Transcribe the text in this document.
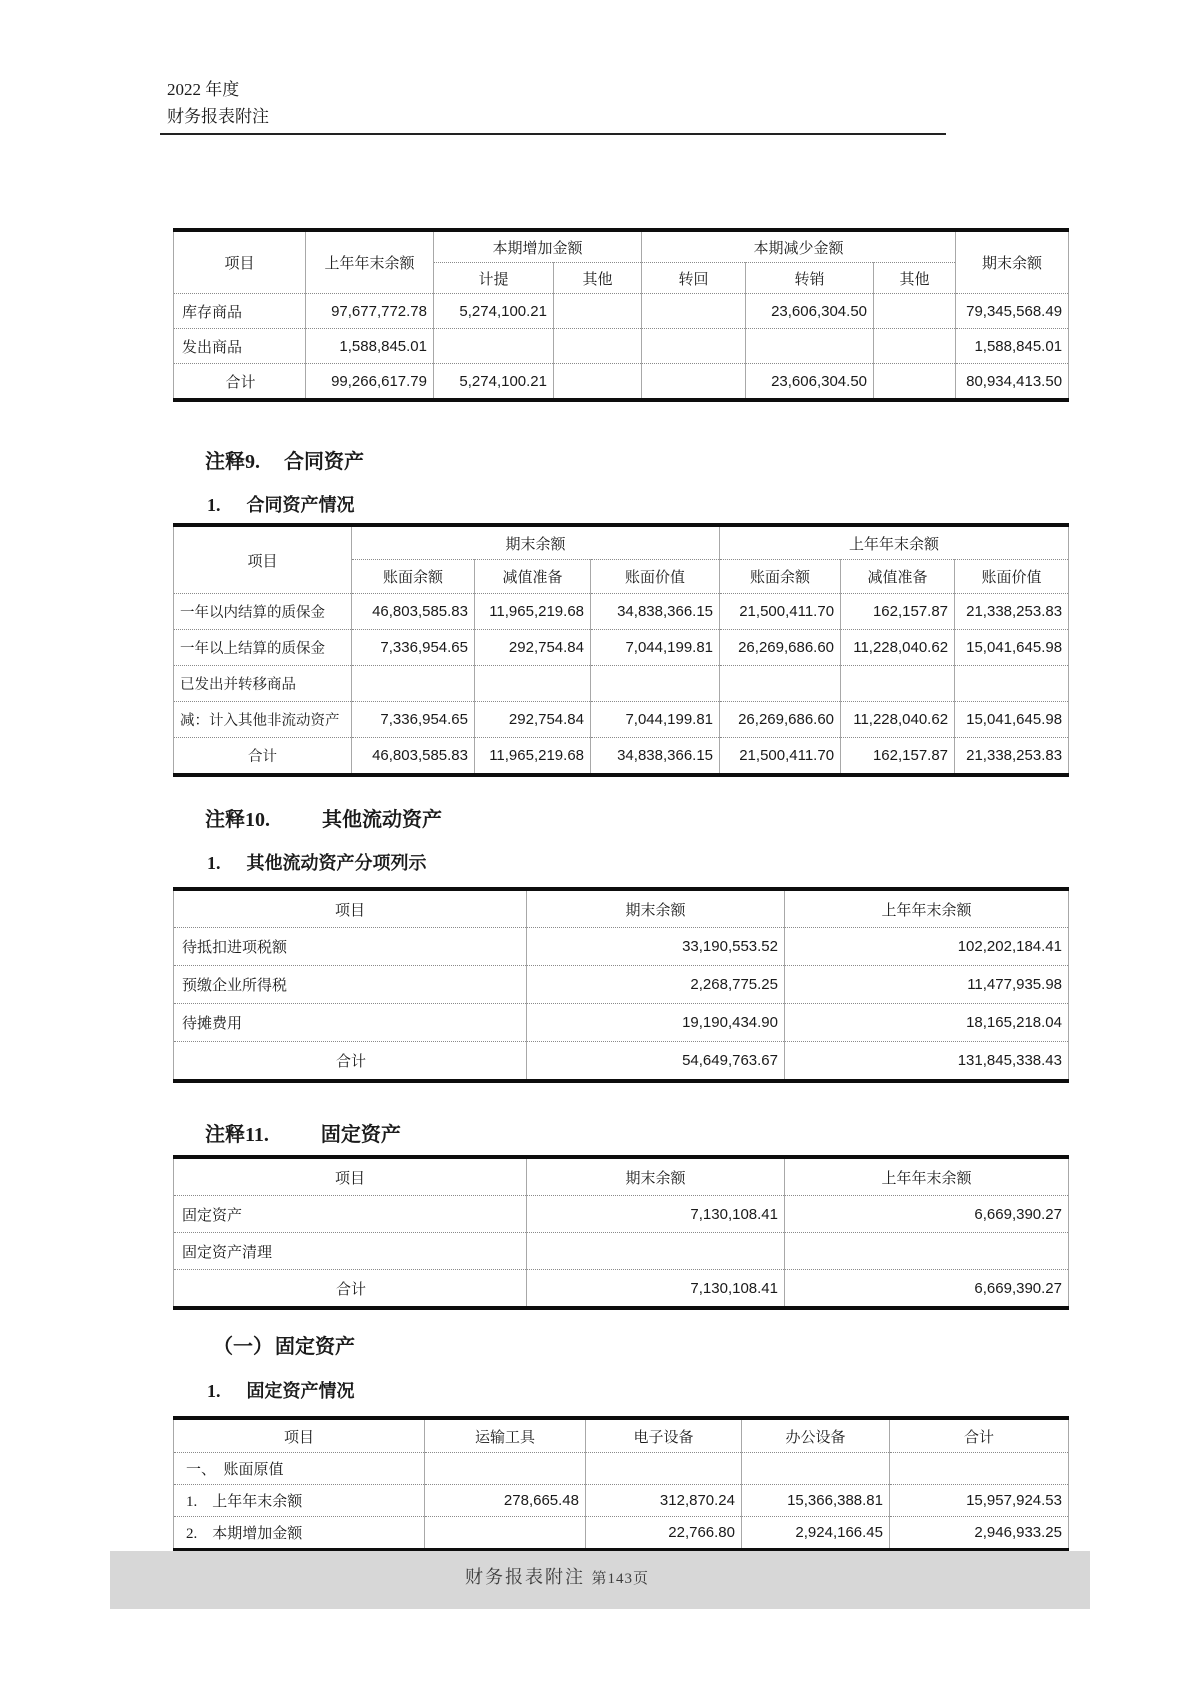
2022 年度
财务报表附注
项目	上年年末余额	本期增加金额		本期减少金额			期末余额
		计提	其他	转回	转销	其他	
库存商品	97,677,772.78	5,274,100.21			23,606,304.50		79,345,568.49
发出商品	1,588,845.01						1,588,845.01
合计	99,266,617.79	5,274,100.21			23,606,304.50		80,934,413.50
注释9. 合同资产
1. 合同资产情况
项目	期末余额			上年年末余额		
	账面余额	减值准备	账面价值	账面余额	减值准备	账面价值
一年以内结算的质保金	46,803,585.83	11,965,219.68	34,838,366.15	21,500,411.70	162,157.87	21,338,253.83
一年以上结算的质保金	7,336,954.65	292,754.84	7,044,199.81	26,269,686.60	11,228,040.62	15,041,645.98
已发出并转移商品						
减：计入其他非流动资产	7,336,954.65	292,754.84	7,044,199.81	26,269,686.60	11,228,040.62	15,041,645.98
合计	46,803,585.83	11,965,219.68	34,838,366.15	21,500,411.70	162,157.87	21,338,253.83
注释10.	其他流动资产
1. 其他流动资产分项列示
项目	期末余额	上年年末余额
待抵扣进项税额	33,190,553.52	102,202,184.41
预缴企业所得税	2,268,775.25	11,477,935.98
待摊费用	19,190,434.90	18,165,218.04
合计	54,649,763.67	131,845,338.43
注释11.	固定资产
项目	期末余额	上年年末余额
固定资产	7,130,108.41	6,669,390.27
固定资产清理		
合计	7,130,108.41	6,669,390.27
（一） 固定资产
1. 固定资产情况
项目	运输工具	电子设备	办公设备	合计
一、　账面原值				
1.　上年年末余额	278,665.48	312,870.24	15,366,388.81	15,957,924.53
2.　本期增加金额		22,766.80	2,924,166.45	2,946,933.25
财务报表附注 第143页
